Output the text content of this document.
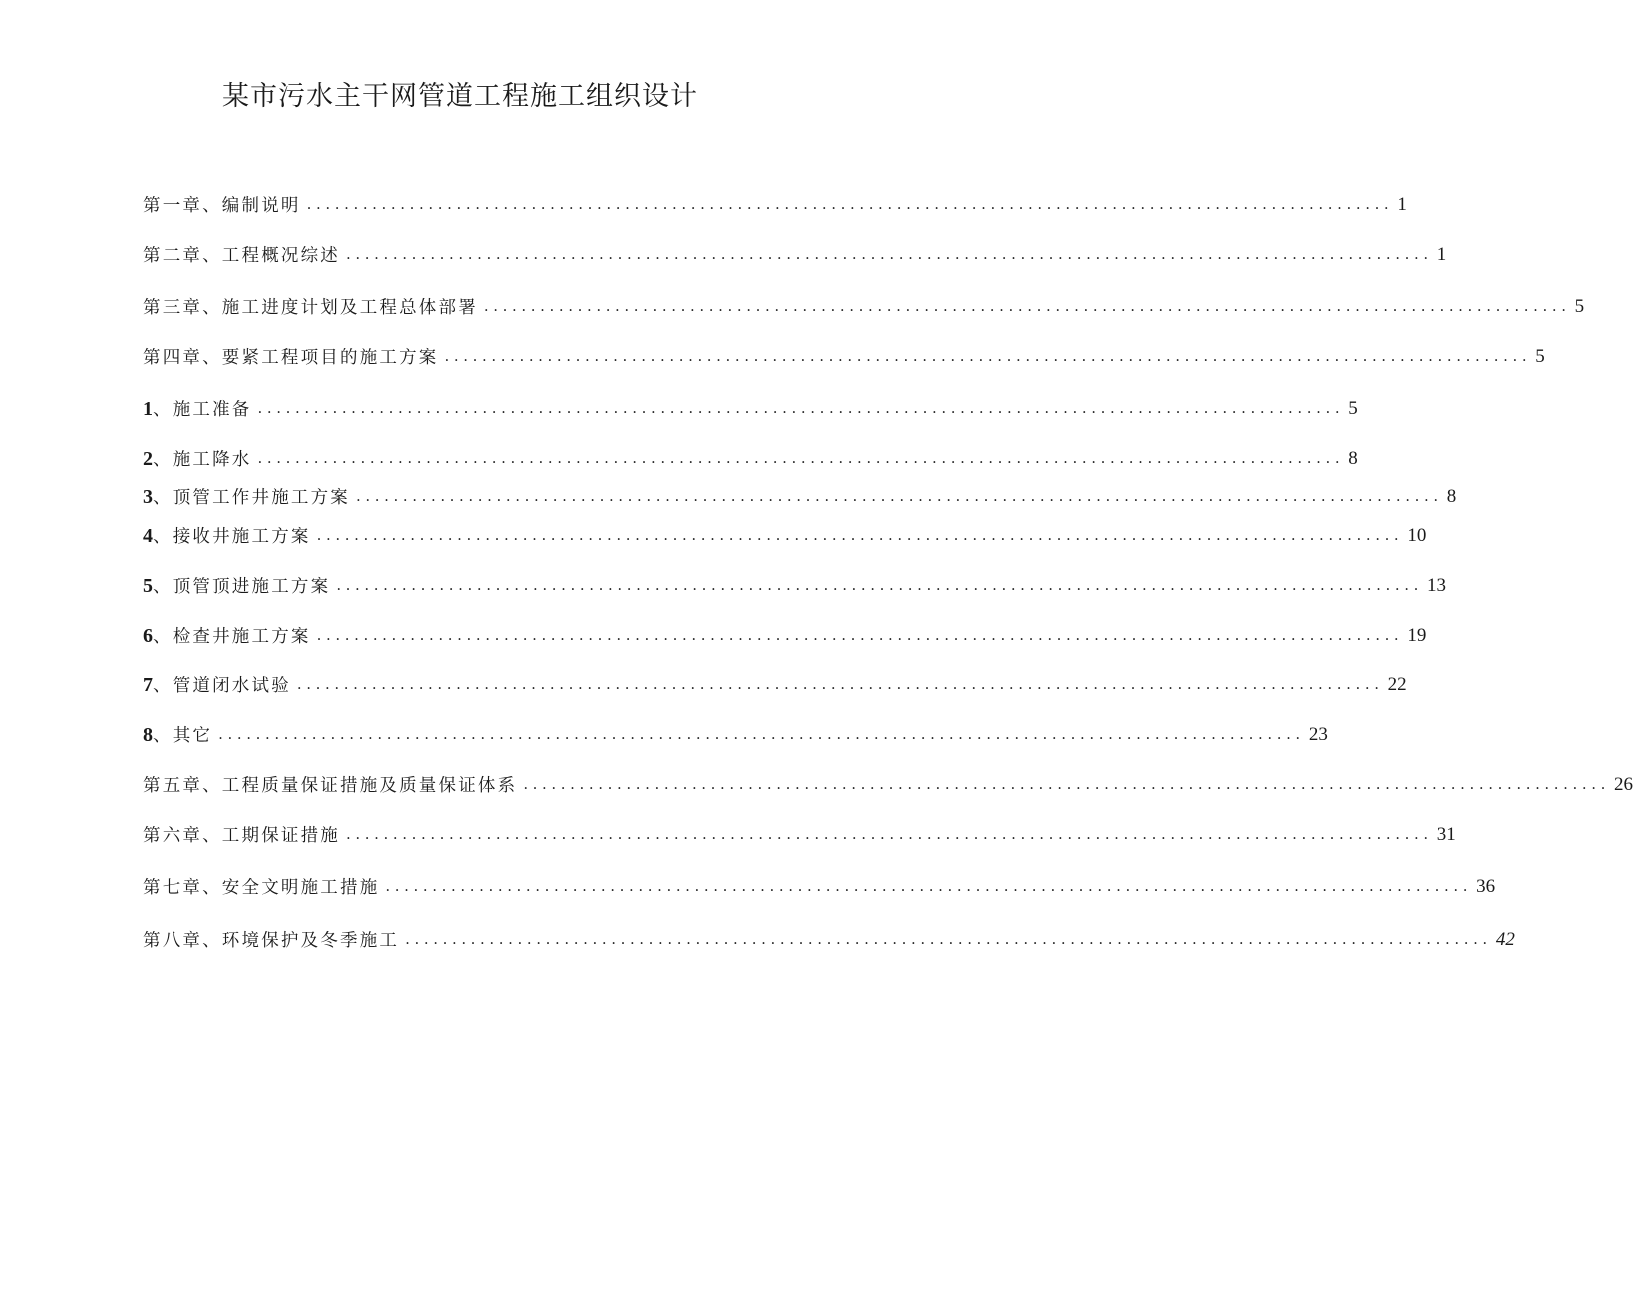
某市污水主干网管道工程施工组织设计
第一章、编制说明 .................................................................................................................... 1
第二章、工程概况综述 .................................................................................................................... 1
第三章、施工进度计划及工程总体部署 .................................................................................................................... 5
第四章、要紧工程项目的施工方案 .................................................................................................................... 5
1、施工准备 .................................................................................................................... 5
2、施工降水 .................................................................................................................... 8
3、顶管工作井施工方案 .................................................................................................................... 8
4、接收井施工方案 .................................................................................................................... 10
5、顶管顶进施工方案 .................................................................................................................... 13
6、检查井施工方案 .................................................................................................................... 19
7、管道闭水试验 .................................................................................................................... 22
8、其它 .................................................................................................................... 23
第五章、工程质量保证措施及质量保证体系 .................................................................................................................... 26
第六章、工期保证措施 .................................................................................................................... 31
第七章、安全文明施工措施 .................................................................................................................... 36
第八章、环境保护及冬季施工 .................................................................................................................... 42
